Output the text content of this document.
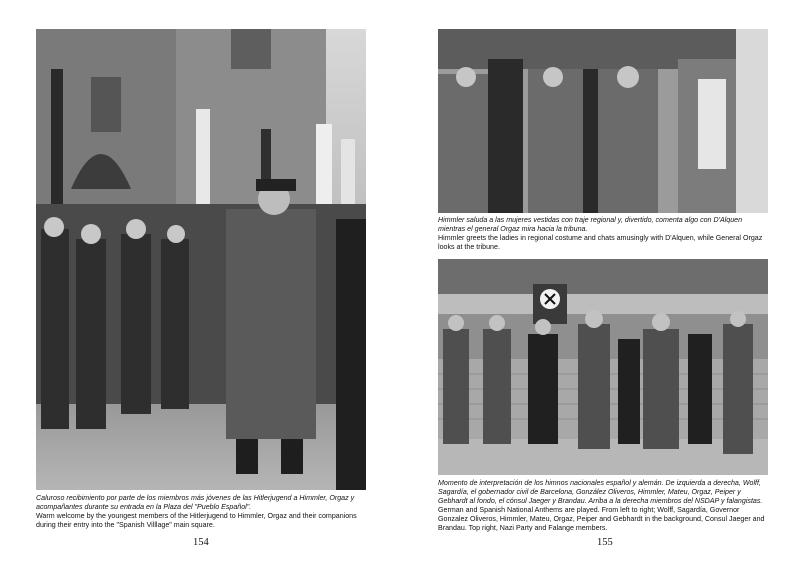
Caluroso recibimiento por parte de los miembros más jóvenes de las Hitlerjugend a Himmler, Orgaz y acompañantes durante su entrada en la Plaza del "Pueblo Español".
Warm welcome by the youngest members of the Hitlerjugend to Himmler, Orgaz and their companions during their entry into the "Spanish Villlage" main square.
154
Himmler saluda a las mujeres vestidas con traje regional y, divertido, comenta algo con D'Alquen mientras el general Orgaz mira hacia la tribuna.
Himmler greets the ladies in regional costume and chats amusingly with D'Alquen, while General Orgaz looks at the tribune.
Momento de interpretación de los himnos nacionales español y alemán. De izquierda a derecha, Wolff, Sagardía, el gobernador civil de Barcelona, González Oliveros, Himmler, Mateu, Orgaz, Peiper y Gebhardt al fondo, el cónsul Jaeger y Brandau. Arriba a la derecha miembros del NSDAP y falangistas.
German and Spanish National Anthems are played. From left to right; Wolff, Sagardía, Governor Gonzalez Oliveros, Himmler, Mateu, Orgaz, Peiper and Gebhardt in the background, Consul Jaeger and Brandau. Top right, Nazi Party and Falange members.
155
